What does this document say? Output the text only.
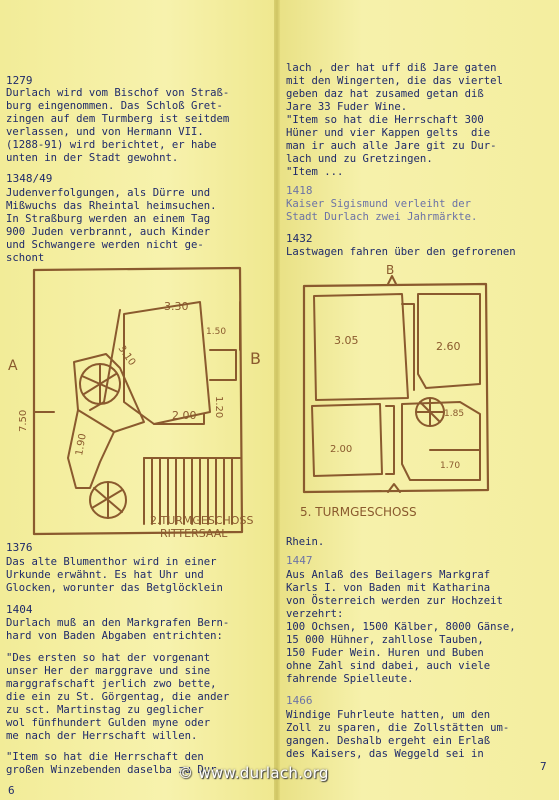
1279
Durlach wird vom Bischof von Straß-
burg eingenommen. Das Schloß Gret-
zingen auf dem Turmberg ist seitdem
verlassen, und von Hermann VII.
(1288-91) wird berichtet, er habe
unten in der Stadt gewohnt.
1348/49
Judenverfolgungen, als Dürre und
Mißwuchs das Rheintal heimsuchen.
In Straßburg werden an einem Tag
900 Juden verbrannt, auch Kinder
und Schwangere werden nicht ge-
schont
3.30
1.50
3.10
1.20
2.00
1.90
7.50
A	B
2.TURMGESCHOSS
RITTERSAAL
1376
Das alte Blumenthor wird in einer
Urkunde erwähnt. Es hat Uhr und
Glocken, worunter das Betglöcklein
1404
Durlach muß an den Markgrafen Bern-
hard von Baden Abgaben entrichten:
"Des ersten so hat der vorgenant
unser Her der marggrave und sine
marggrafschaft jerlich zwo bette,
die ein zu St. Görgentag, die ander
zu sct. Martinstag zu geglicher
wol fünfhundert Gulden myne oder
me nach der Herrschaft willen.
"Item so hat die Herrschaft den
großen Winzebenden daselba zu Dur-
6
lach , der hat uff diß Jare gaten
mit den Wingerten, die das viertel
geben daz hat zusamed getan diß
Jare 33 Fuder Wine.
"Item so hat die Herrschaft 300
Hüner und vier Kappen gelts  die
man ir auch alle Jare git zu Dur-
lach und zu Gretzingen.
"Item ...
1418
Kaiser Sigismund verleiht der
Stadt Durlach zwei Jahrmärkte.
1432
Lastwagen fahren über den gefrorenen
3.05	2.60
2.00
1.85
1.70
B
5. TURMGESCHOSS
Rhein.
1447
Aus Anlaß des Beilagers Markgraf
Karls I. von Baden mit Katharina
von Österreich werden zur Hochzeit
verzehrt:
100 Ochsen, 1500 Kälber, 8000 Gänse,
15 000 Hühner, zahllose Tauben,
150 Fuder Wein. Huren und Buben
ohne Zahl sind dabei, auch viele
fahrende Spielleute.
1466
Windige Fuhrleute hatten, um den
Zoll zu sparen, die Zollstätten um-
gangen. Deshalb ergeht ein Erlaß
des Kaisers, das Weggeld sei in
7
© www.durlach.org
